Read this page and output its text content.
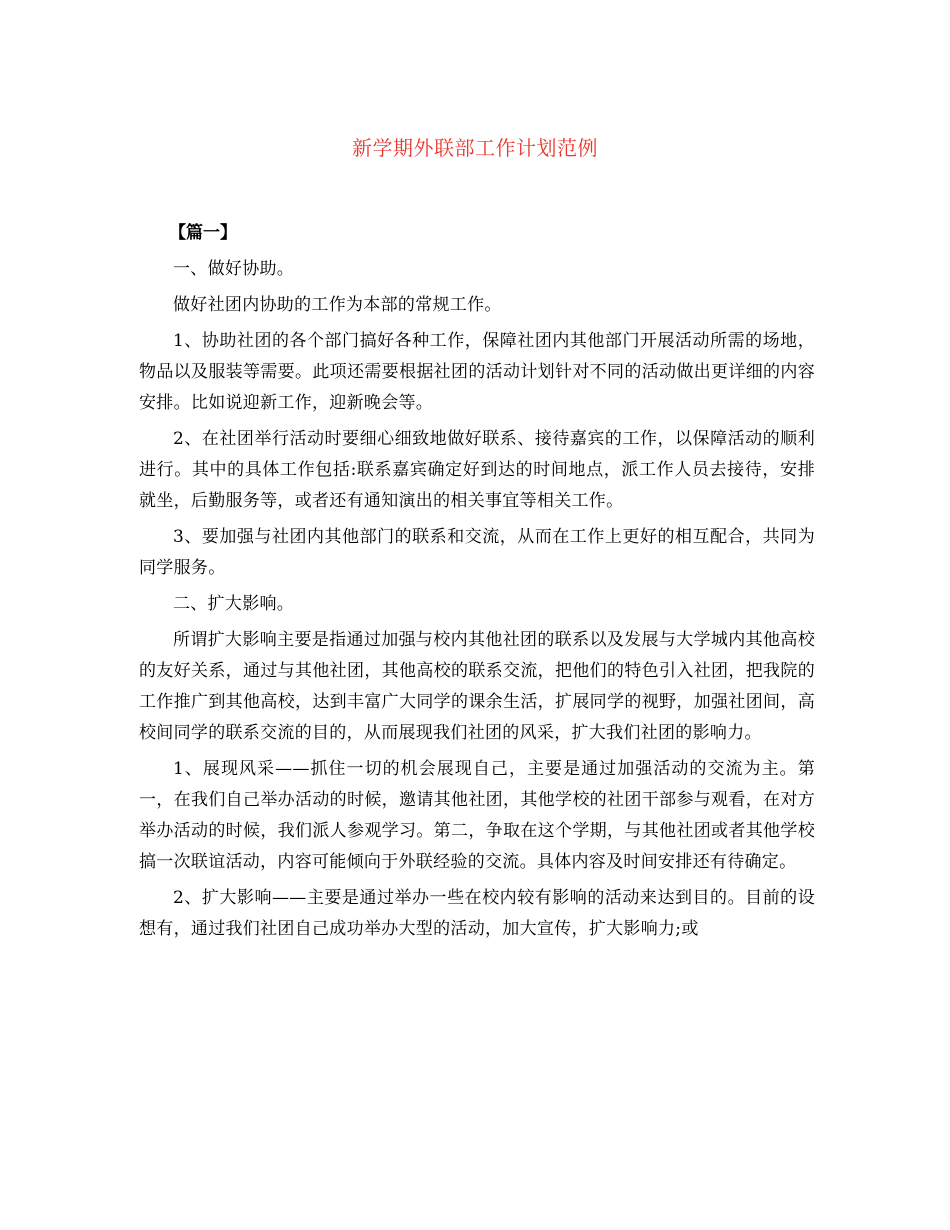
新学期外联部工作计划范例

【篇一】

一、做好协助。

做好社团内协助的工作为本部的常规工作。

1、协助社团的各个部门搞好各种工作，保障社团内其他部门开展活动所需的场地，物品以及服装等需要。此项还需要根据社团的活动计划针对不同的活动做出更详细的内容安排。比如说迎新工作，迎新晚会等。

2、在社团举行活动时要细心细致地做好联系、接待嘉宾的工作，以保障活动的顺利进行。其中的具体工作包括:联系嘉宾确定好到达的时间地点，派工作人员去接待，安排就坐，后勤服务等，或者还有通知演出的相关事宜等相关工作。

3、要加强与社团内其他部门的联系和交流，从而在工作上更好的相互配合，共同为同学服务。

二、扩大影响。

所谓扩大影响主要是指通过加强与校内其他社团的联系以及发展与大学城内其他高校的友好关系，通过与其他社团，其他高校的联系交流，把他们的特色引入社团，把我院的工作推广到其他高校，达到丰富广大同学的课余生活，扩展同学的视野，加强社团间，高校间同学的联系交流的目的，从而展现我们社团的风采，扩大我们社团的影响力。

1、展现风采——抓住一切的机会展现自己，主要是通过加强活动的交流为主。第一，在我们自己举办活动的时候，邀请其他社团，其他学校的社团干部参与观看，在对方举办活动的时候，我们派人参观学习。第二，争取在这个学期，与其他社团或者其他学校搞一次联谊活动，内容可能倾向于外联经验的交流。具体内容及时间安排还有待确定。

2、扩大影响——主要是通过举办一些在校内较有影响的活动来达到目的。目前的设想有，通过我们社团自己成功举办大型的活动，加大宣传，扩大影响力;或
